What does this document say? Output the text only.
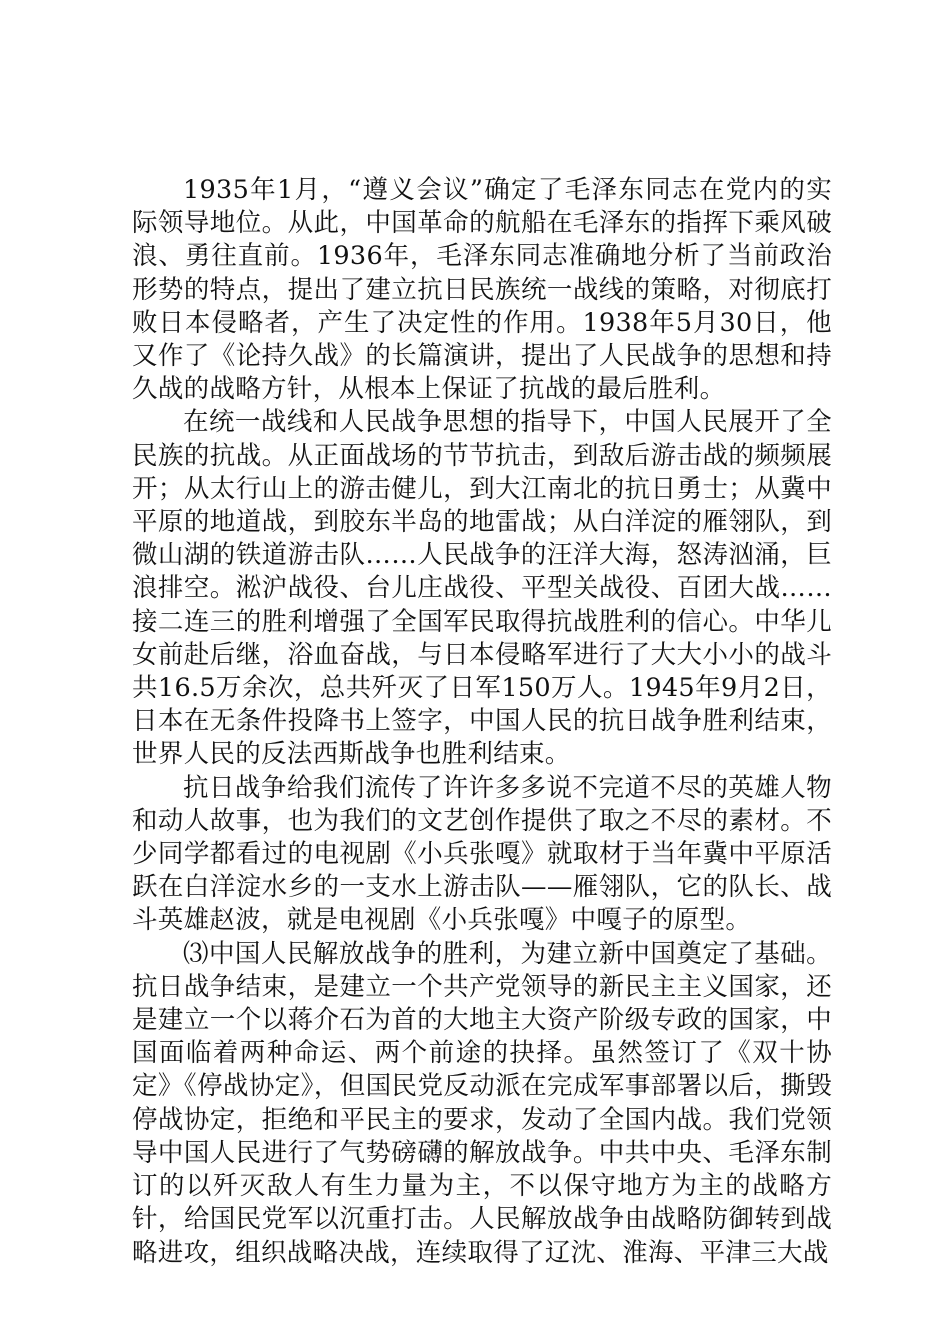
1935年1月，“遵义会议”确定了毛泽东同志在党内的实际领导地位。从此，中国革命的航船在毛泽东的指挥下乘风破浪、勇往直前。1936年，毛泽东同志准确地分析了当前政治形势的特点，提出了建立抗日民族统一战线的策略，对彻底打败日本侵略者，产生了决定性的作用。1938年5月30日，他又作了《论持久战》的长篇演讲，提出了人民战争的思想和持久战的战略方针，从根本上保证了抗战的最后胜利。

在统一战线和人民战争思想的指导下，中国人民展开了全民族的抗战。从正面战场的节节抗击，到敌后游击战的频频展开；从太行山上的游击健儿，到大江南北的抗日勇士；从冀中平原的地道战，到胶东半岛的地雷战；从白洋淀的雁翎队，到微山湖的铁道游击队……人民战争的汪洋大海，怒涛汹涌，巨浪排空。淞沪战役、台儿庄战役、平型关战役、百团大战……接二连三的胜利增强了全国军民取得抗战胜利的信心。中华儿女前赴后继，浴血奋战，与日本侵略军进行了大大小小的战斗共16.5万余次，总共歼灭了日军150万人。1945年9月2日，日本在无条件投降书上签字，中国人民的抗日战争胜利结束，世界人民的反法西斯战争也胜利结束。

抗日战争给我们流传了许许多多说不完道不尽的英雄人物和动人故事，也为我们的文艺创作提供了取之不尽的素材。不少同学都看过的电视剧《小兵张嘎》就取材于当年冀中平原活跃在白洋淀水乡的一支水上游击队——雁翎队，它的队长、战斗英雄赵波，就是电视剧《小兵张嘎》中嘎子的原型。

⑶中国人民解放战争的胜利，为建立新中国奠定了基础。抗日战争结束，是建立一个共产党领导的新民主主义国家，还是建立一个以蒋介石为首的大地主大资产阶级专政的国家，中国面临着两种命运、两个前途的抉择。虽然签订了《双十协定》《停战协定》，但国民党反动派在完成军事部署以后，撕毁停战协定，拒绝和平民主的要求，发动了全国内战。我们党领导中国人民进行了气势磅礴的解放战争。中共中央、毛泽东制订的以歼灭敌人有生力量为主，不以保守地方为主的战略方针，给国民党军以沉重打击。人民解放战争由战略防御转到战略进攻，组织战略决战，连续取得了辽沈、淮海、平津三大战
